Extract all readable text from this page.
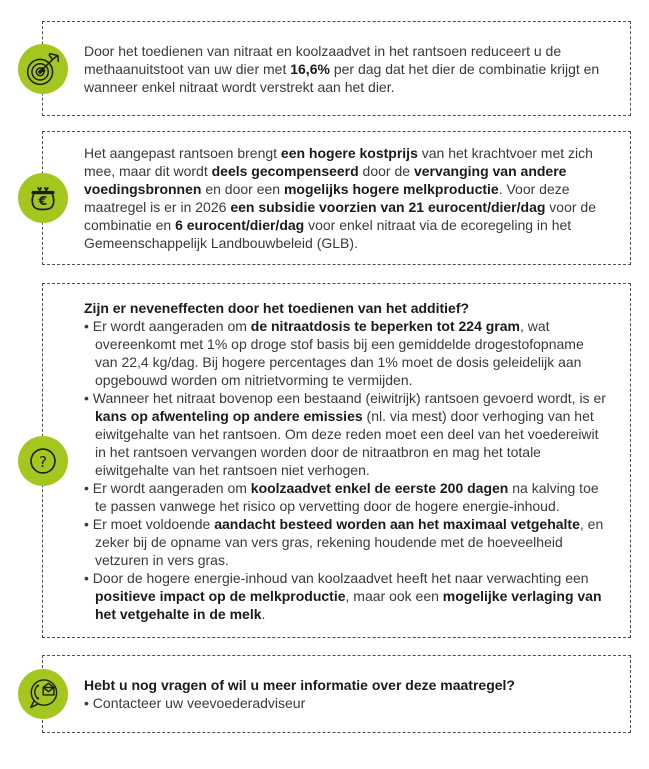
Door het toedienen van nitraat en koolzaadvet in het rantsoen reduceert u de methaanuitstoot van uw dier met 16,6% per dag dat het dier de combinatie krijgt en wanneer enkel nitraat wordt verstrekt aan het dier.

€

Het aangepast rantsoen brengt een hogere kostprijs van het krachtvoer met zich mee, maar dit wordt deels gecompenseerd door de vervanging van andere voedingsbronnen en door een mogelijks hogere melkproductie. Voor deze maatregel is er in 2026 een subsidie voorzien van 21 eurocent/dier/dag voor de combinatie en 6 eurocent/dier/dag voor enkel nitraat via de ecoregeling in het Gemeenschappelijk Landbouwbeleid (GLB).

?
Zijn er neveneffecten door het toedienen van het additief?
• Er wordt aangeraden om de nitraatdosis te beperken tot 224 gram, wat overeenkomt met 1% op droge stof basis bij een gemiddelde drogestofopname van 22,4 kg/dag. Bij hogere percentages dan 1% moet de dosis geleidelijk aan opgebouwd worden om nitrietvorming te vermijden.
• Wanneer het nitraat bovenop een bestaand (eiwitrijk) rantsoen gevoerd wordt, is er kans op afwenteling op andere emissies (nl. via mest) door verhoging van het eiwitgehalte van het rantsoen. Om deze reden moet een deel van het voedereiwit in het rantsoen vervangen worden door de nitraatbron en mag het totale eiwitgehalte van het rantsoen niet verhogen.
• Er wordt aangeraden om koolzaadvet enkel de eerste 200 dagen na kalving toe te passen vanwege het risico op vervetting door de hogere energie-inhoud.
• Er moet voldoende aandacht besteed worden aan het maximaal vetgehalte, en zeker bij de opname van vers gras, rekening houdende met de hoeveelheid vetzuren in vers gras.
• Door de hogere energie-inhoud van koolzaadvet heeft het naar verwachting een positieve impact op de melkproductie, maar ook een mogelijke verlaging van het vetgehalte in de melk.
Hebt u nog vragen of wil u meer informatie over deze maatregel?
• Contacteer uw veevoederadviseur
